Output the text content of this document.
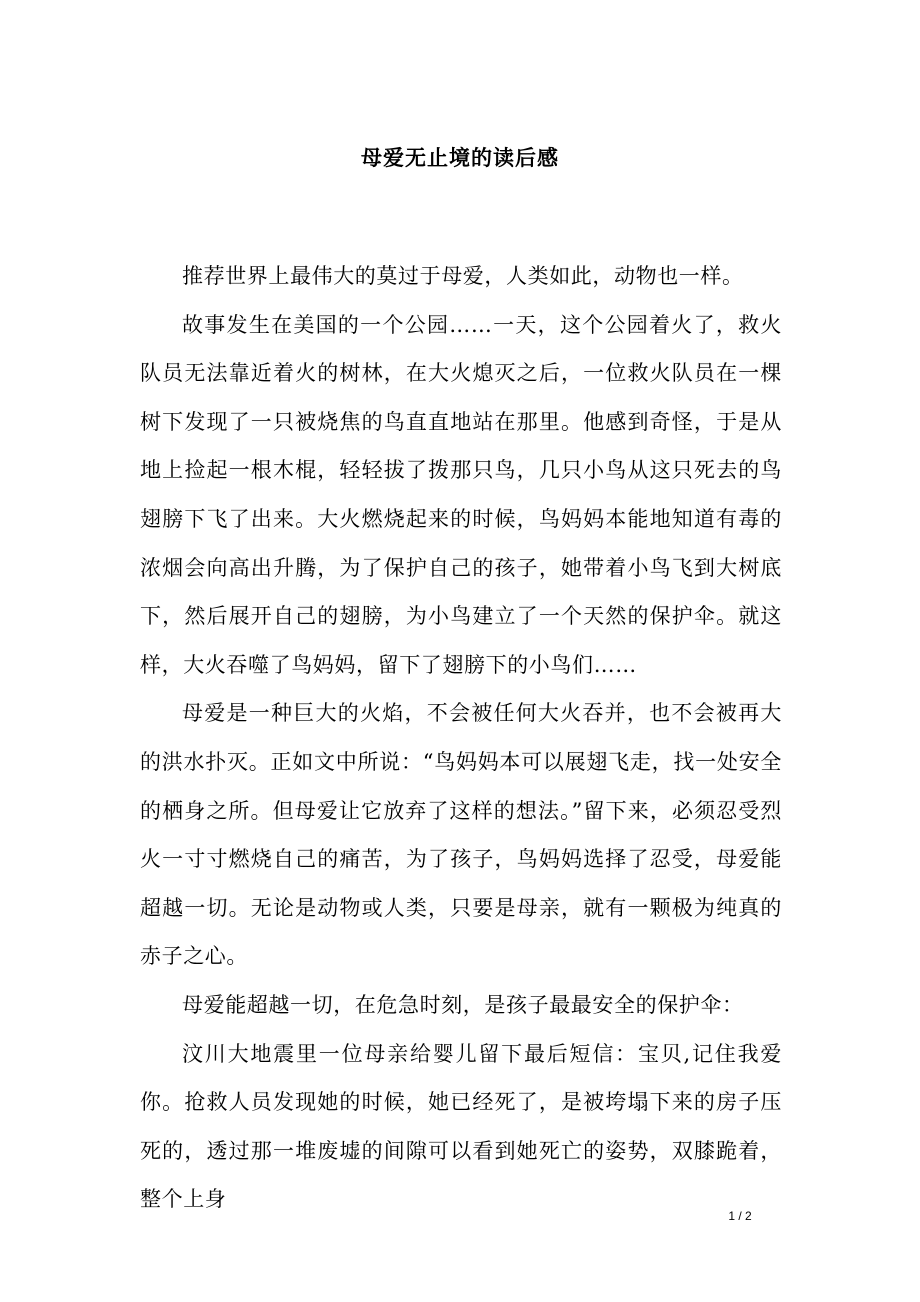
母爱无止境的读后感

推荐世界上最伟大的莫过于母爱，人类如此，动物也一样。

故事发生在美国的一个公园……一天，这个公园着火了，救火队员无法靠近着火的树林，在大火熄灭之后，一位救火队员在一棵树下发现了一只被烧焦的鸟直直地站在那里。他感到奇怪，于是从地上捡起一根木棍，轻轻拔了拨那只鸟，几只小鸟从这只死去的鸟翅膀下飞了出来。大火燃烧起来的时候，鸟妈妈本能地知道有毒的浓烟会向高出升腾，为了保护自己的孩子，她带着小鸟飞到大树底下，然后展开自己的翅膀，为小鸟建立了一个天然的保护伞。就这样，大火吞噬了鸟妈妈，留下了翅膀下的小鸟们……

母爱是一种巨大的火焰，不会被任何大火吞并，也不会被再大的洪水扑灭。正如文中所说：“鸟妈妈本可以展翅飞走，找一处安全的栖身之所。但母爱让它放弃了这样的想法。”留下来，必须忍受烈火一寸寸燃烧自己的痛苦，为了孩子，鸟妈妈选择了忍受，母爱能超越一切。无论是动物或人类，只要是母亲，就有一颗极为纯真的赤子之心。

母爱能超越一切，在危急时刻，是孩子最最安全的保护伞：

汶川大地震里一位母亲给婴儿留下最后短信：宝贝,记住我爱你。抢救人员发现她的时候，她已经死了，是被垮塌下来的房子压死的，透过那一堆废墟的间隙可以看到她死亡的姿势，双膝跪着，整个上身

1 / 2
